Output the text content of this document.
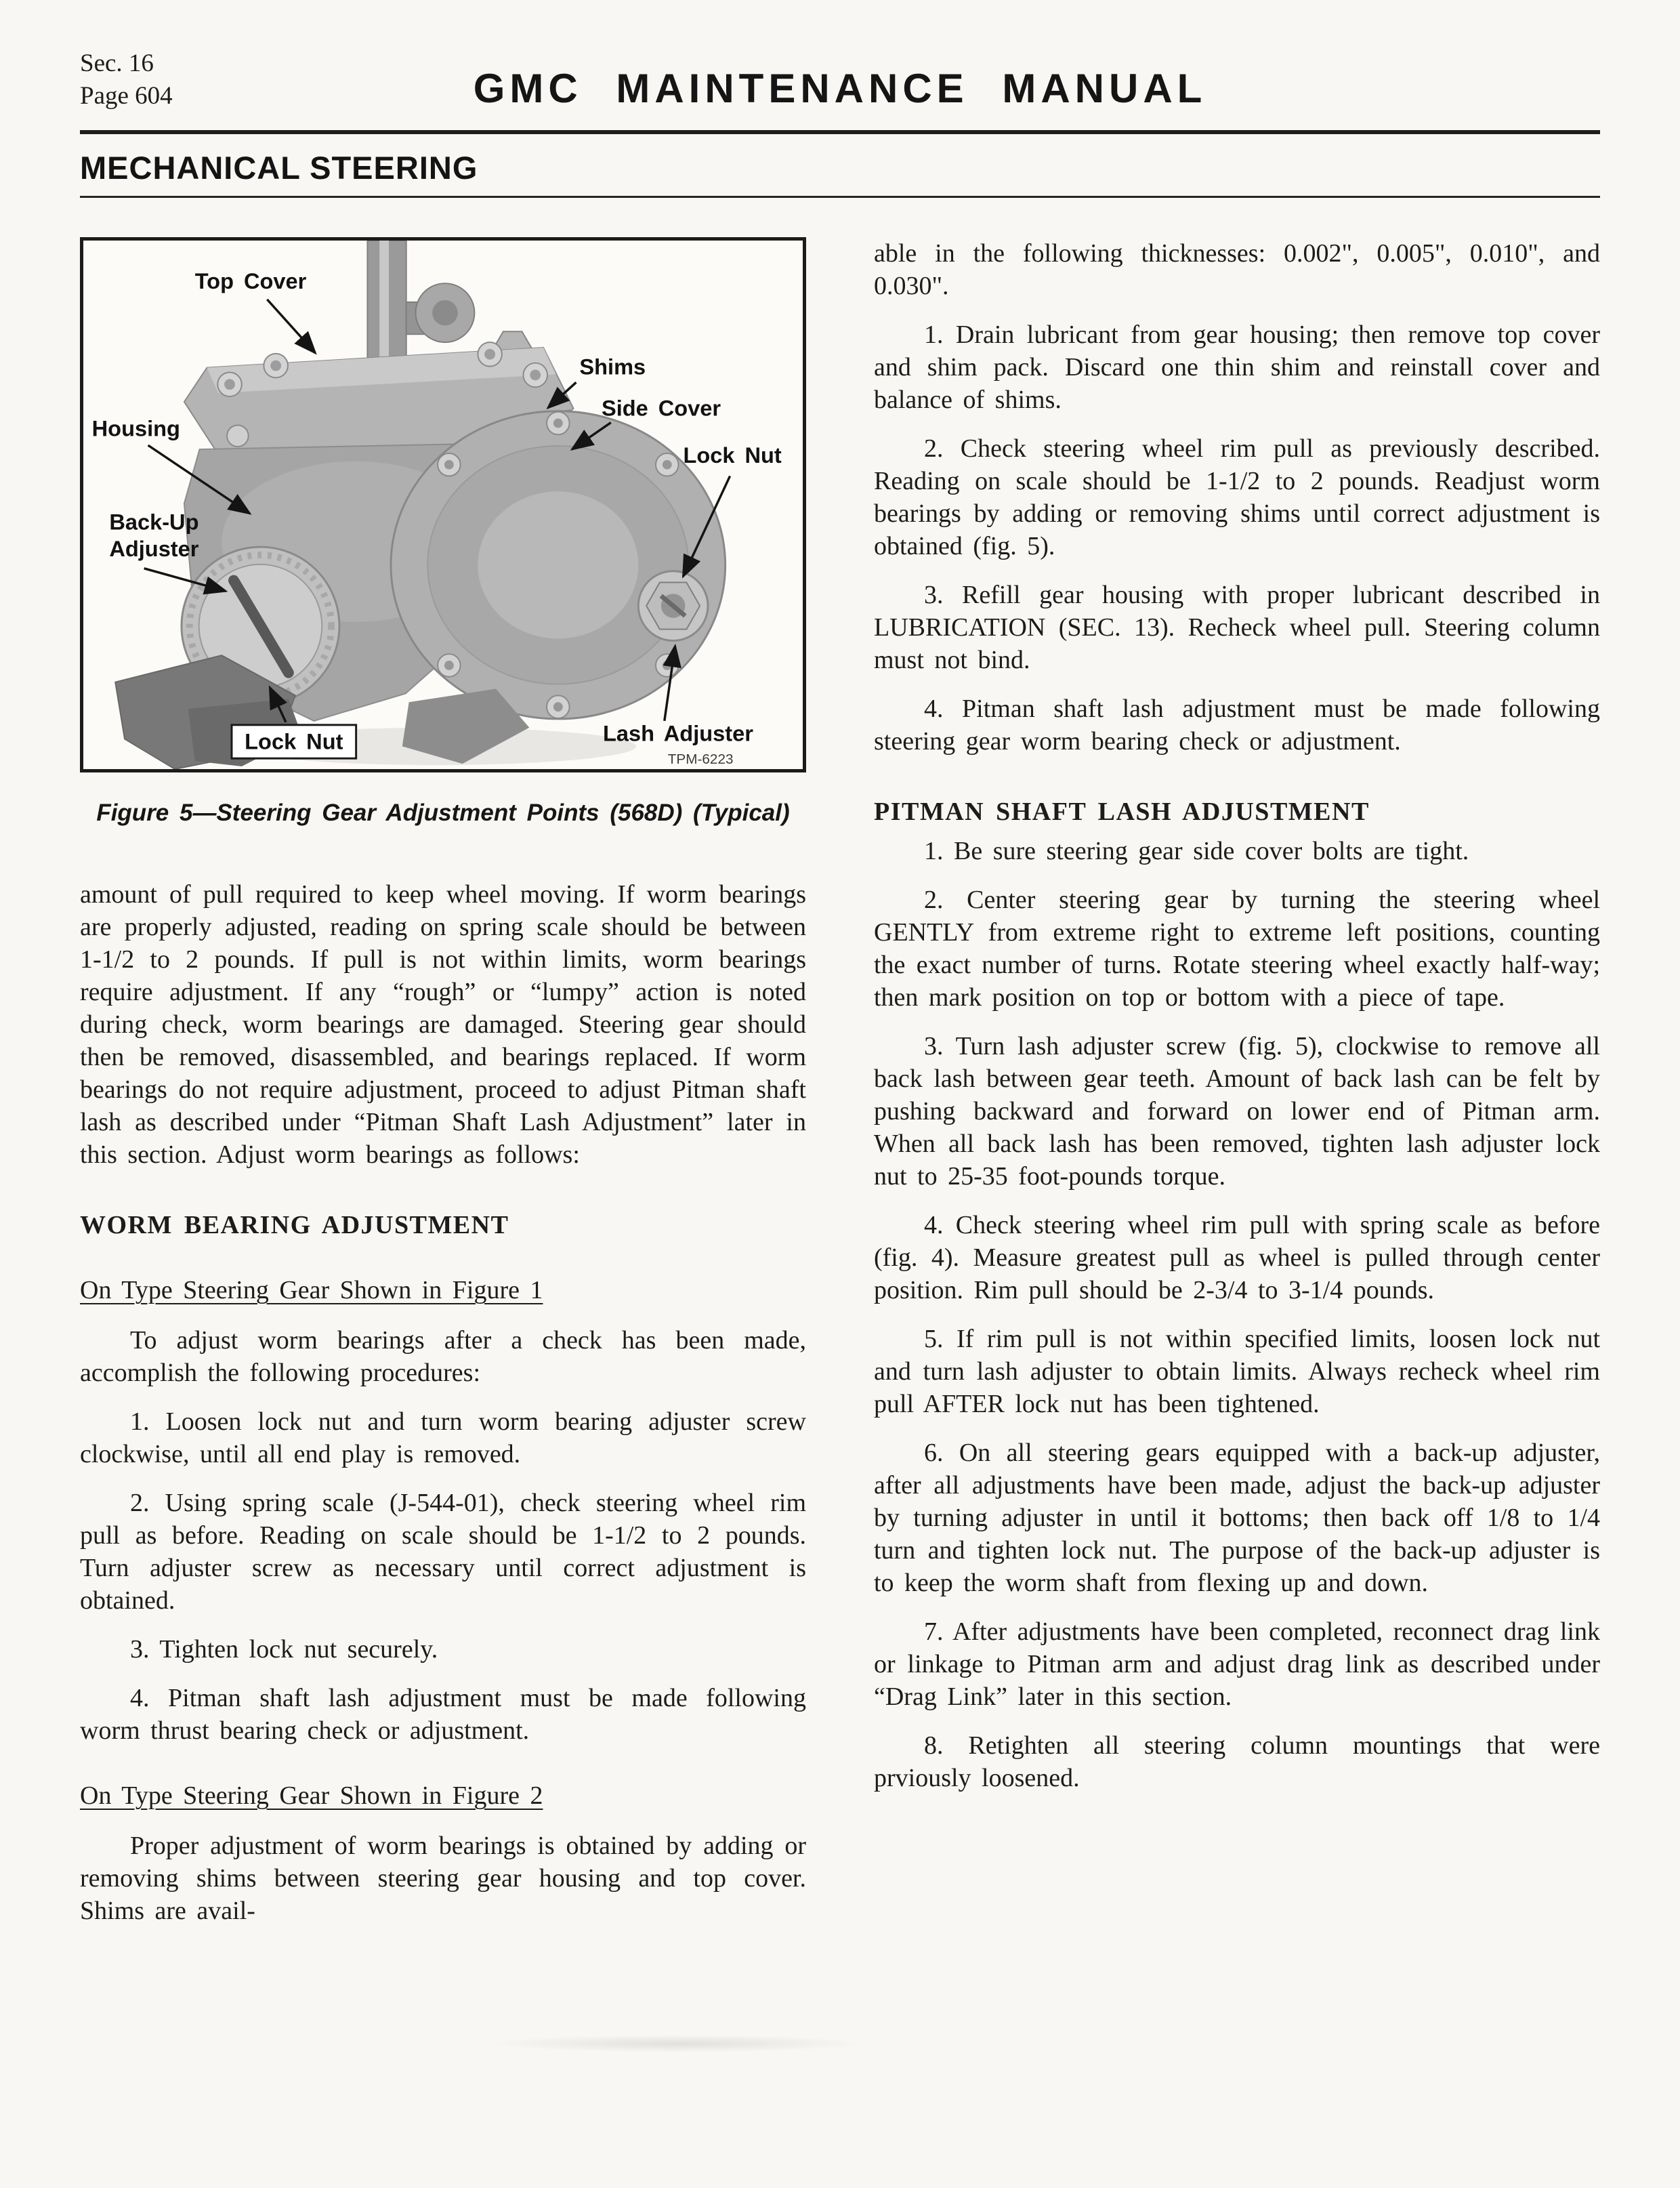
Sec. 16
Page 604	GMC MAINTENANCE MANUAL
MECHANICAL STEERING
Top Cover
Shims
Side Cover
Housing
Lock Nut
Back-Up
Adjuster
Lock Nut	Lash Adjuster
TPM-6223
Figure 5—Steering Gear Adjustment Points (568D) (Typical)

amount of pull required to keep wheel moving. If worm bearings are properly adjusted, reading on spring scale should be between 1-1/2 to 2 pounds. If pull is not within limits, worm bearings require adjustment. If any “rough” or “lumpy” action is noted during check, worm bearings are damaged. Steering gear should then be removed, disassembled, and bearings replaced. If worm bearings do not require adjustment, proceed to adjust Pitman shaft lash as described under “Pitman Shaft Lash Adjustment” later in this section. Adjust worm bearings as follows:

WORM BEARING ADJUSTMENT

On Type Steering Gear Shown in Figure 1

To adjust worm bearings after a check has been made, accomplish the following procedures:

1. Loosen lock nut and turn worm bearing adjuster screw clockwise, until all end play is removed.

2. Using spring scale (J-544-01), check steering wheel rim pull as before. Reading on scale should be 1-1/2 to 2 pounds. Turn adjuster screw as necessary until correct adjustment is obtained.

3. Tighten lock nut securely.

4. Pitman shaft lash adjustment must be made following worm thrust bearing check or adjustment.

On Type Steering Gear Shown in Figure 2

Proper adjustment of worm bearings is obtained by adding or removing shims between steering gear housing and top cover. Shims are avail-

able in the following thicknesses: 0.002", 0.005", 0.010", and 0.030".

1. Drain lubricant from gear housing; then remove top cover and shim pack. Discard one thin shim and reinstall cover and balance of shims.

2. Check steering wheel rim pull as previously described. Reading on scale should be 1-1/2 to 2 pounds. Readjust worm bearings by adding or removing shims until correct adjustment is obtained (fig. 5).

3. Refill gear housing with proper lubricant described in LUBRICATION (SEC. 13). Recheck wheel pull. Steering column must not bind.

4. Pitman shaft lash adjustment must be made following steering gear worm bearing check or adjustment.

PITMAN SHAFT LASH ADJUSTMENT

1. Be sure steering gear side cover bolts are tight.

2. Center steering gear by turning the steering wheel GENTLY from extreme right to extreme left positions, counting the exact number of turns. Rotate steering wheel exactly half-way; then mark position on top or bottom with a piece of tape.

3. Turn lash adjuster screw (fig. 5), clockwise to remove all back lash between gear teeth. Amount of back lash can be felt by pushing backward and forward on lower end of Pitman arm. When all back lash has been removed, tighten lash adjuster lock nut to 25-35 foot-pounds torque.

4. Check steering wheel rim pull with spring scale as before (fig. 4). Measure greatest pull as wheel is pulled through center position. Rim pull should be 2-3/4 to 3-1/4 pounds.

5. If rim pull is not within specified limits, loosen lock nut and turn lash adjuster to obtain limits. Always recheck wheel rim pull AFTER lock nut has been tightened.

6. On all steering gears equipped with a back-up adjuster, after all adjustments have been made, adjust the back-up adjuster by turning adjuster in until it bottoms; then back off 1/8 to 1/4 turn and tighten lock nut. The purpose of the back-up adjuster is to keep the worm shaft from flexing up and down.

7. After adjustments have been completed, reconnect drag link or linkage to Pitman arm and adjust drag link as described under “Drag Link” later in this section.

8. Retighten all steering column mountings that were prviously loosened.
